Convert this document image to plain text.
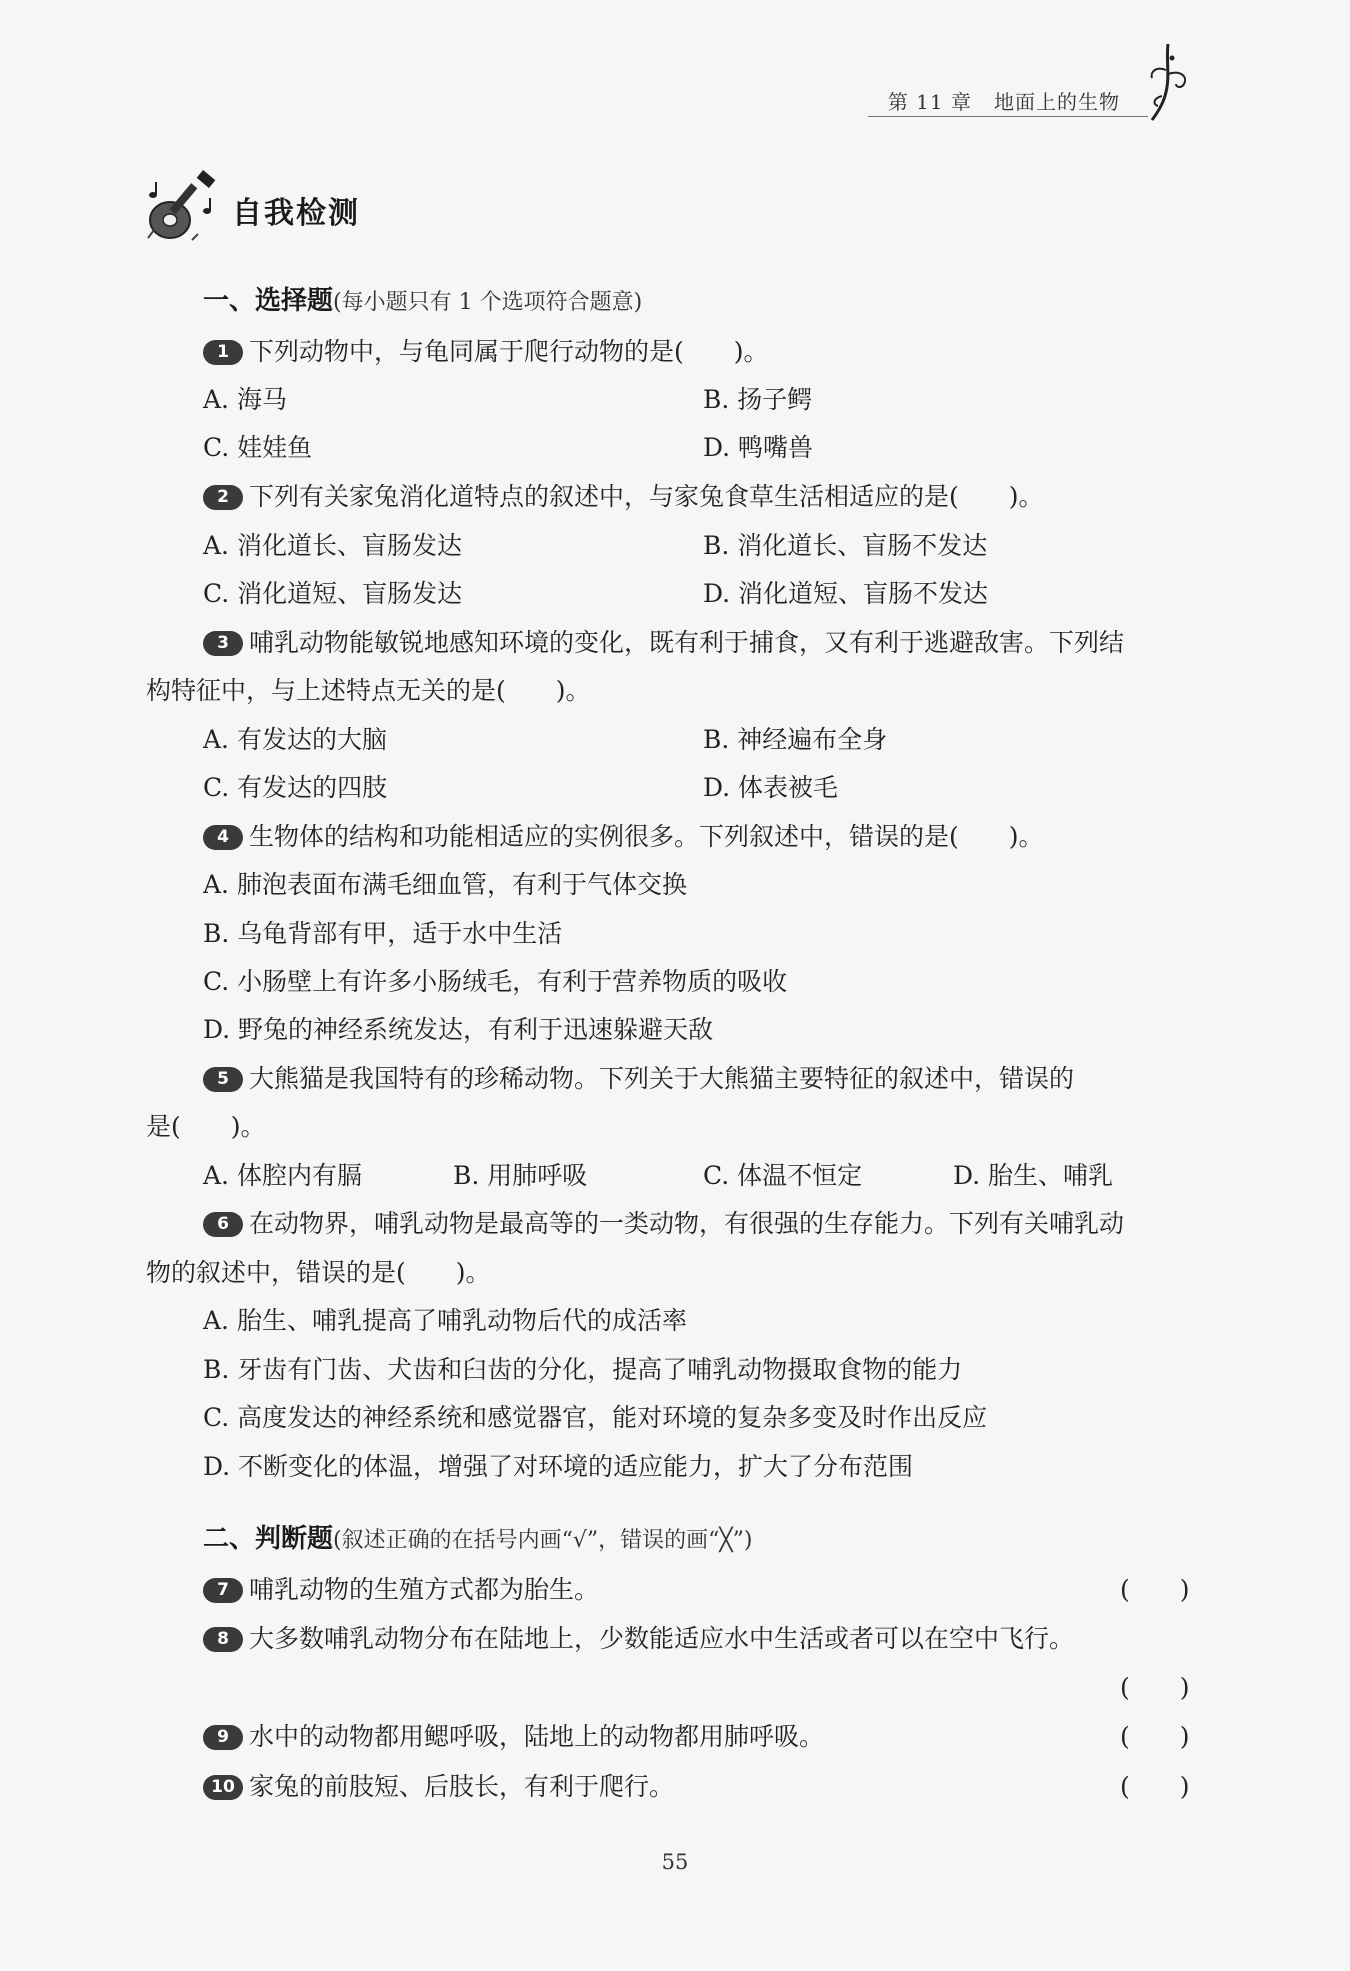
第 11 章 地面上的生物
自我检测
一、选择题(每小题只有 1 个选项符合题意)
1 下列动物中，与龟同属于爬行动物的是(　　)。
A. 海马	B. 扬子鳄
C. 娃娃鱼	D. 鸭嘴兽
2 下列有关家兔消化道特点的叙述中，与家兔食草生活相适应的是(　　)。
A. 消化道长、盲肠发达	B. 消化道长、盲肠不发达
C. 消化道短、盲肠发达	D. 消化道短、盲肠不发达
3 哺乳动物能敏锐地感知环境的变化，既有利于捕食，又有利于逃避敌害。下列结
构特征中，与上述特点无关的是(　　)。
A. 有发达的大脑	B. 神经遍布全身
C. 有发达的四肢	D. 体表被毛
4 生物体的结构和功能相适应的实例很多。下列叙述中，错误的是(　　)。
A. 肺泡表面布满毛细血管，有利于气体交换
B. 乌龟背部有甲，适于水中生活
C. 小肠壁上有许多小肠绒毛，有利于营养物质的吸收
D. 野兔的神经系统发达，有利于迅速躲避天敌
5 大熊猫是我国特有的珍稀动物。下列关于大熊猫主要特征的叙述中，错误的
是(　　)。
A. 体腔内有膈	B. 用肺呼吸	C. 体温不恒定	D. 胎生、哺乳
6 在动物界，哺乳动物是最高等的一类动物，有很强的生存能力。下列有关哺乳动
物的叙述中，错误的是(　　)。
A. 胎生、哺乳提高了哺乳动物后代的成活率
B. 牙齿有门齿、犬齿和臼齿的分化，提高了哺乳动物摄取食物的能力
C. 高度发达的神经系统和感觉器官，能对环境的复杂多变及时作出反应
D. 不断变化的体温，增强了对环境的适应能力，扩大了分布范围
二、判断题(叙述正确的在括号内画“√”，错误的画“╳”)
7 哺乳动物的生殖方式都为胎生。	(　　)
8 大多数哺乳动物分布在陆地上，少数能适应水中生活或者可以在空中飞行。
(　　)
9 水中的动物都用鳃呼吸，陆地上的动物都用肺呼吸。	(　　)
10 家兔的前肢短、后肢长，有利于爬行。	(　　)
55
